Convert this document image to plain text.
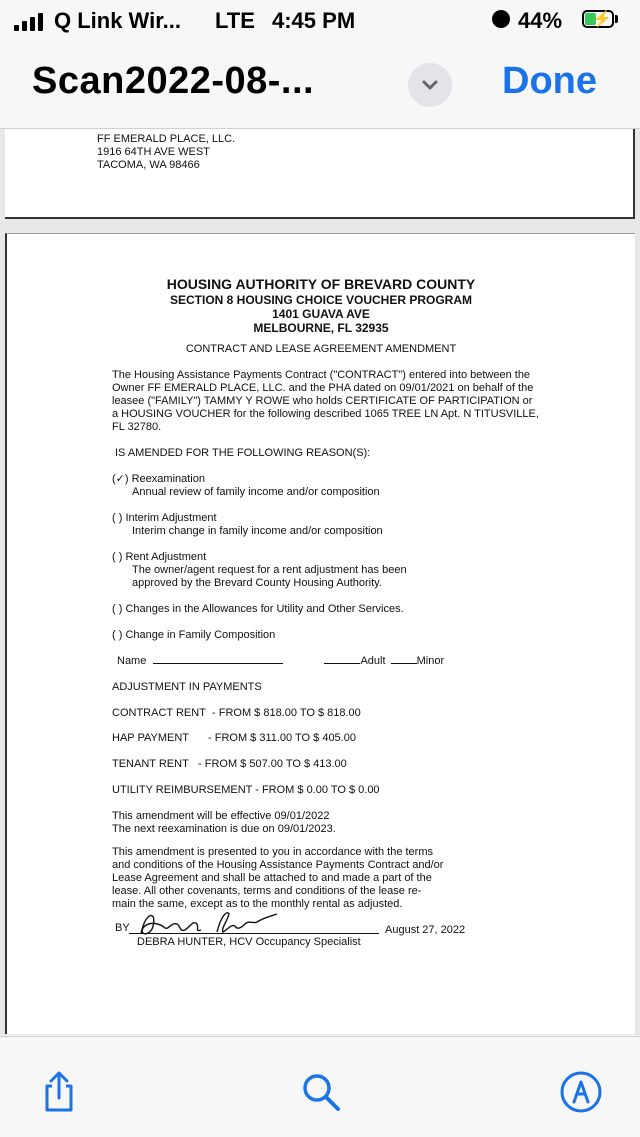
Q Link Wir... LTE 4:45 PM	44% ⚡
Scan2022-08-...	Done
FF EMERALD PLACE, LLC.
1916 64TH AVE WEST
TACOMA, WA 98466
HOUSING AUTHORITY OF BREVARD COUNTY
SECTION 8 HOUSING CHOICE VOUCHER PROGRAM
1401 GUAVA AVE
MELBOURNE, FL 32935
CONTRACT AND LEASE AGREEMENT AMENDMENT
The Housing Assistance Payments Contract ("CONTRACT") entered into between the
Owner FF EMERALD PLACE, LLC. and the PHA dated on 09/01/2021 on behalf of the
leasee ("FAMILY") TAMMY Y ROWE who holds CERTIFICATE OF PARTICIPATION or
a HOUSING VOUCHER for the following described 1065 TREE LN Apt. N TITUSVILLE,
FL 32780.
IS AMENDED FOR THE FOLLOWING REASON(S):
(✓) Reexamination
Annual review of family income and/or composition
( ) Interim Adjustment
Interim change in family income and/or composition
( ) Rent Adjustment
The owner/agent request for a rent adjustment has been
approved by the Brevard County Housing Authority.
( ) Changes in the Allowances for Utility and Other Services.
( ) Change in Family Composition
Name	Adult	Minor
ADJUSTMENT IN PAYMENTS
CONTRACT RENT - FROM $ 818.00 TO $ 818.00
HAP PAYMENT - FROM $ 311.00 TO $ 405.00
TENANT RENT - FROM $ 507.00 TO $ 413.00
UTILITY REIMBURSEMENT - FROM $ 0.00 TO $ 0.00
This amendment will be effective 09/01/2022
The next reexamination is due on 09/01/2023.
This amendment is presented to you in accordance with the terms
and conditions of the Housing Assistance Payments Contract and/or
Lease Agreement and shall be attached to and made a part of the
lease. All other covenants, terms and conditions of the lease re-
main the same, except as to the monthly rental as adjusted.
BY
DEBRA HUNTER, HCV Occupancy Specialist
August 27, 2022
